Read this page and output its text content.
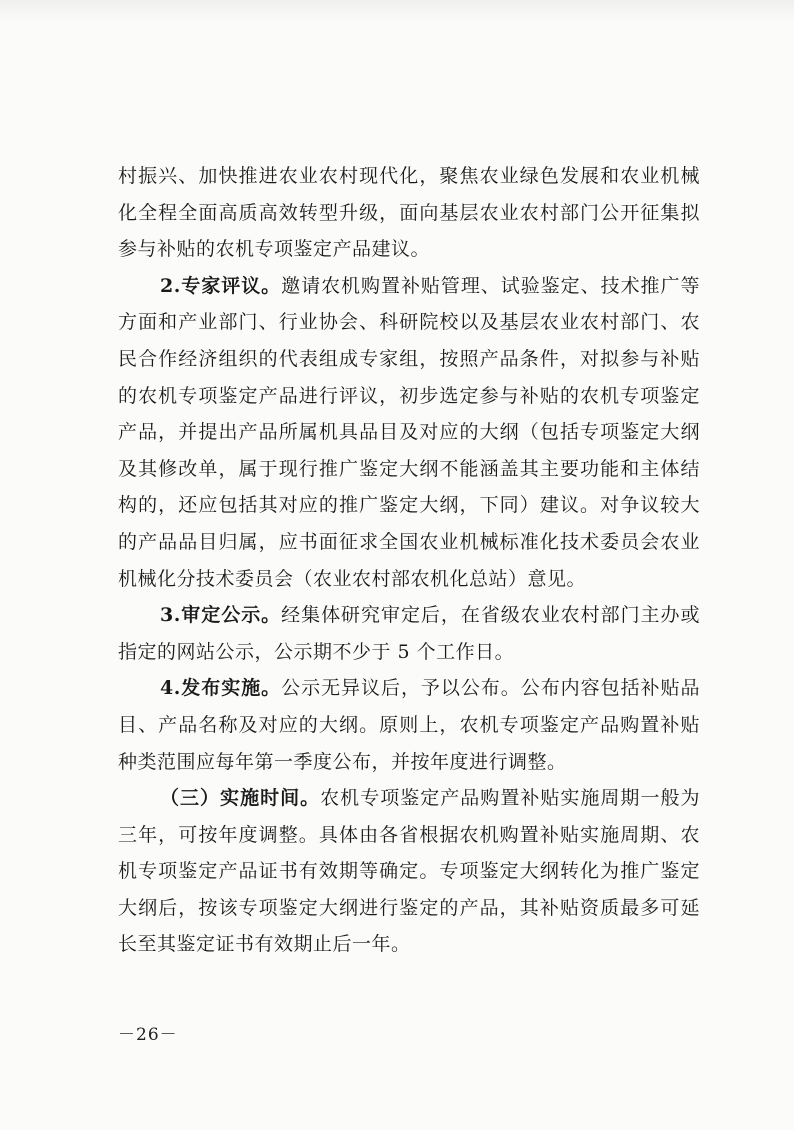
村振兴、加快推进农业农村现代化，聚焦农业绿色发展和农业机械化全程全面高质高效转型升级，面向基层农业农村部门公开征集拟参与补贴的农机专项鉴定产品建议。

2.专家评议。邀请农机购置补贴管理、试验鉴定、技术推广等方面和产业部门、行业协会、科研院校以及基层农业农村部门、农民合作经济组织的代表组成专家组，按照产品条件，对拟参与补贴的农机专项鉴定产品进行评议，初步选定参与补贴的农机专项鉴定产品，并提出产品所属机具品目及对应的大纲（包括专项鉴定大纲及其修改单，属于现行推广鉴定大纲不能涵盖其主要功能和主体结构的，还应包括其对应的推广鉴定大纲，下同）建议。对争议较大的产品品目归属，应书面征求全国农业机械标准化技术委员会农业机械化分技术委员会（农业农村部农机化总站）意见。

3.审定公示。经集体研究审定后，在省级农业农村部门主办或指定的网站公示，公示期不少于 5 个工作日。

4.发布实施。公示无异议后，予以公布。公布内容包括补贴品目、产品名称及对应的大纲。原则上，农机专项鉴定产品购置补贴种类范围应每年第一季度公布，并按年度进行调整。

（三）实施时间。农机专项鉴定产品购置补贴实施周期一般为三年，可按年度调整。具体由各省根据农机购置补贴实施周期、农机专项鉴定产品证书有效期等确定。专项鉴定大纲转化为推广鉴定大纲后，按该专项鉴定大纲进行鉴定的产品，其补贴资质最多可延长至其鉴定证书有效期止后一年。

－26－
